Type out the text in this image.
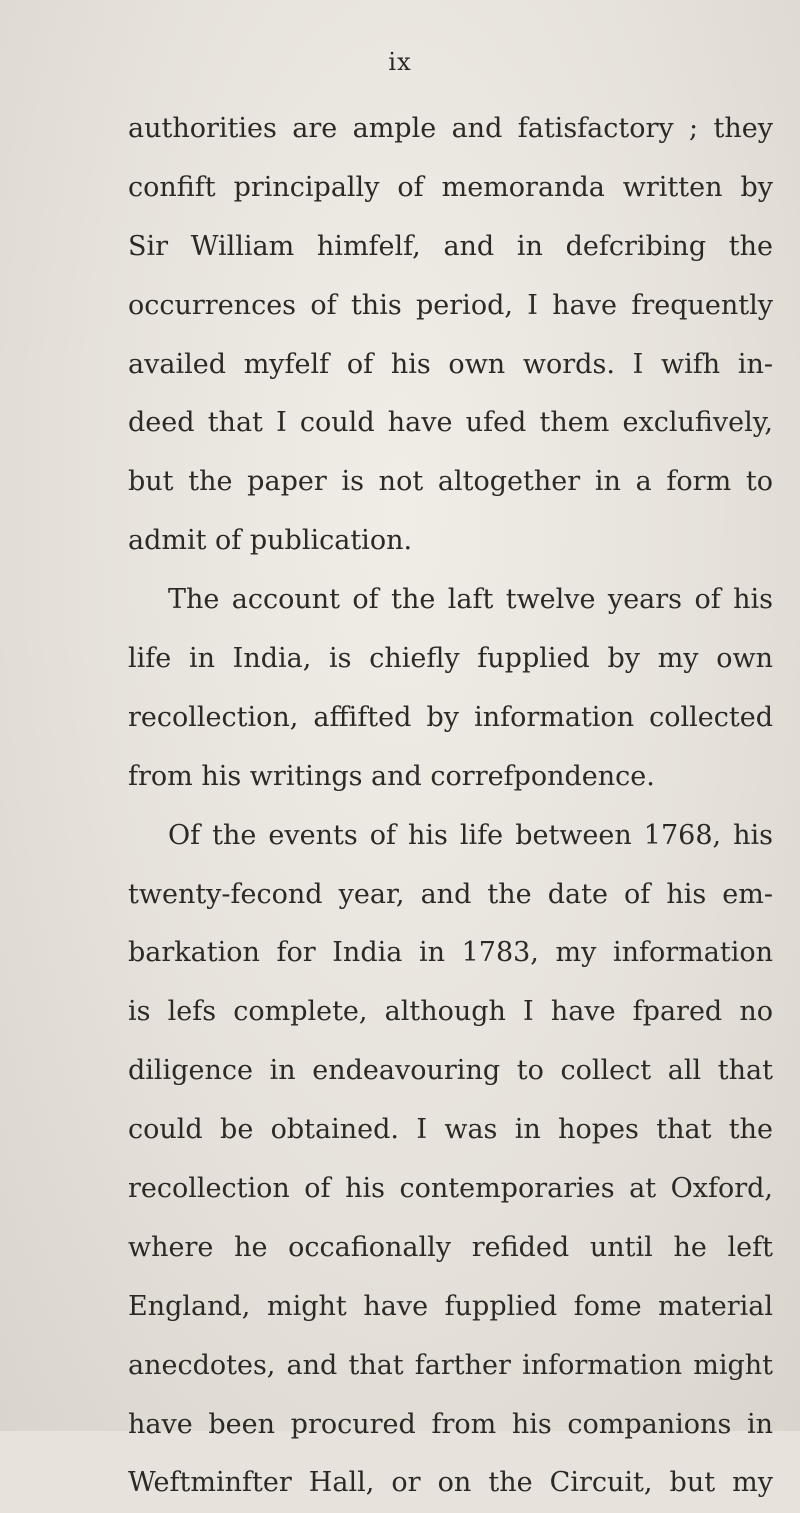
ix
authorities are ample and fatisfactory ; they
confift principally of memoranda written by
Sir William himfelf, and in defcribing the
occurrences of this period, I have frequently
availed myfelf of his own words. I wifh in-
deed that I could have ufed them exclufively,
but the paper is not altogether in a form to
admit of publication.
The account of the laft twelve years of his
life in India, is chiefly fupplied by my own
recollection, affifted by information collected
from his writings and correfpondence.
Of the events of his life between 1768, his
twenty-fecond year, and the date of his em-
barkation for India in 1783, my information
is lefs complete, although I have fpared no
diligence in endeavouring to collect all that
could be obtained. I was in hopes that the
recollection of his contemporaries at Oxford,
where he occafionally refided until he left
England, might have fupplied fome material
anecdotes, and that farther information might
have been procured from his companions in
Weftminfter Hall, or on the Circuit, but my
